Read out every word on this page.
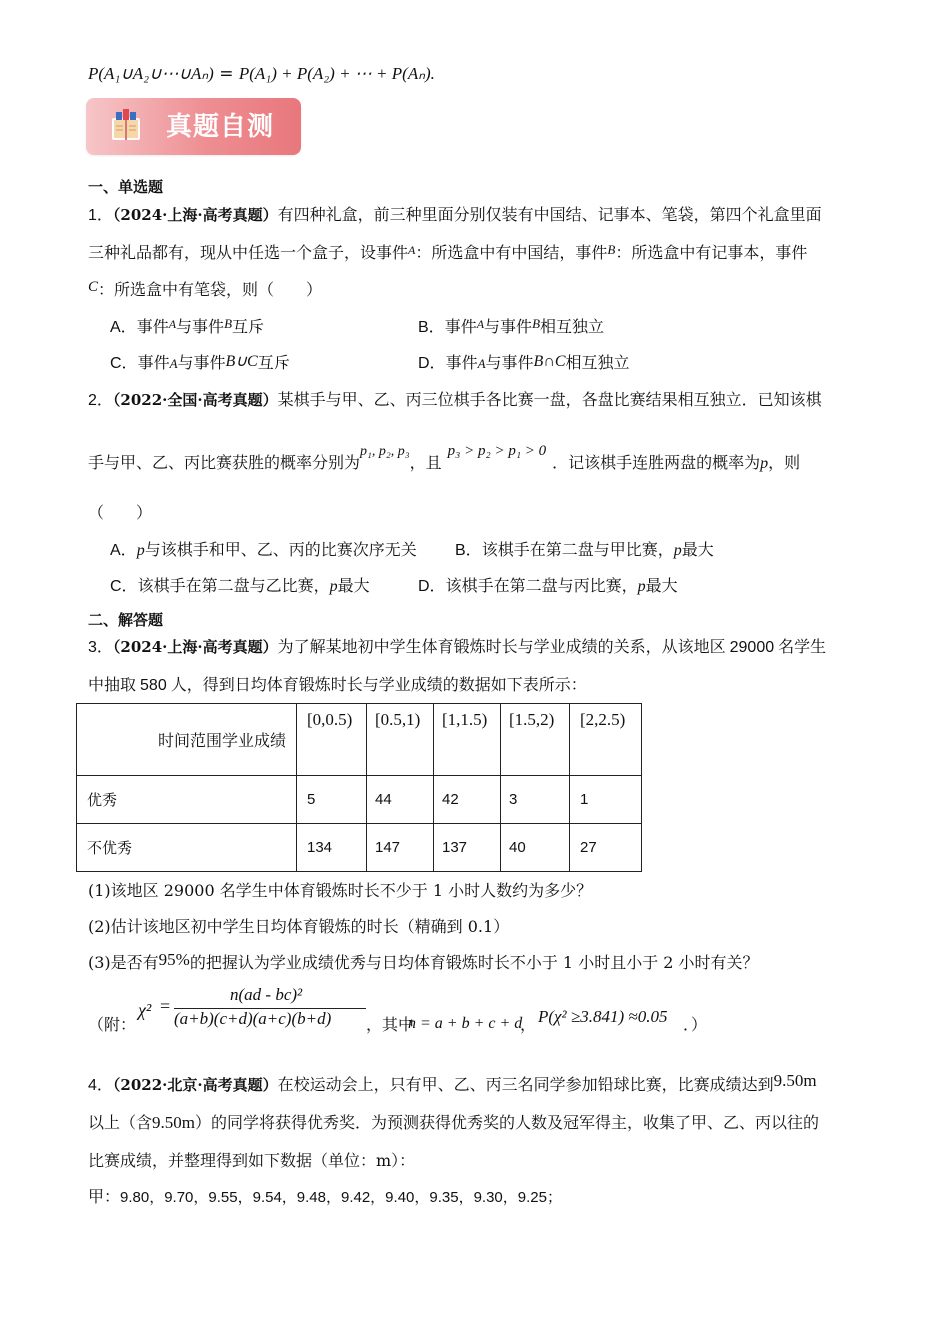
P(A₁∪A₂∪⋯∪Aₙ) = P(A₁) + P(A₂) + ⋯ + P(Aₙ).
真题自测
一、单选题
1．（2024·上海·高考真题）有四种礼盒，前三种里面分别仅装有中国结、记事本、笔袋，第四个礼盒里面
三种礼品都有，现从中任选一个盒子，设事件$^A$：所选盒中有中国结，事件$^B$：所选盒中有记事本，事件
C：所选盒中有笔袋，则（　　）
A．事件$^A$与事件$^B$互斥	B．事件$^A$与事件$^B$相互独立
C．事件A与事件B∪C互斥	D．事件A与事件B∩C相互独立
2．（2022·全国·高考真题）某棋手与甲、乙、丙三位棋手各比赛一盘，各盘比赛结果相互独立．已知该棋
手与甲、乙、丙比赛获胜的概率分别为p₁, p₂, p₃，且p₃ > p₂ > p₁ > 0．记该棋手连胜两盘的概率为p，则
（　　）
A．p与该棋手和甲、乙、丙的比赛次序无关 B．该棋手在第二盘与甲比赛，p最大
C．该棋手在第二盘与乙比赛，p最大	D．该棋手在第二盘与丙比赛，p最大
二、解答题
3．（2024·上海·高考真题）为了解某地初中学生体育锻炼时长与学业成绩的关系，从该地区 29000 名学生
中抽取 580 人，得到日均体育锻炼时长与学业成绩的数据如下表所示：
时间范围学业成绩	[0,0.5)	[0.5,1)	[1,1.5)	[1.5,2)	[2,2.5)

优秀	5	44	42	3	1

不优秀	134	147	137	40	27
(1)该地区 29000 名学生中体育锻炼时长不少于 1 小时人数约为多少？
(2)估计该地区初中学生日均体育锻炼的时长（精确到 0.1）
(3)是否有95%的把握认为学业成绩优秀与日均体育锻炼时长不小于 1 小时且小于 2 小时有关？
（附：
χ² =
n(ad - bc)²
(a+b)(c+d)(a+c)(b+d) ，其中
n = a + b + c + d
， P(χ² ≥3.841) ≈0.05 ．）
4．（2022·北京·高考真题）在校运动会上，只有甲、乙、丙三名同学参加铅球比赛，比赛成绩达到9.50m
以上（含9.50m）的同学将获得优秀奖．为预测获得优秀奖的人数及冠军得主，收集了甲、乙、丙以往的
比赛成绩，并整理得到如下数据（单位：m）：
甲：9.80，9.70，9.55，9.54，9.48，9.42，9.40，9.35，9.30，9.25；
